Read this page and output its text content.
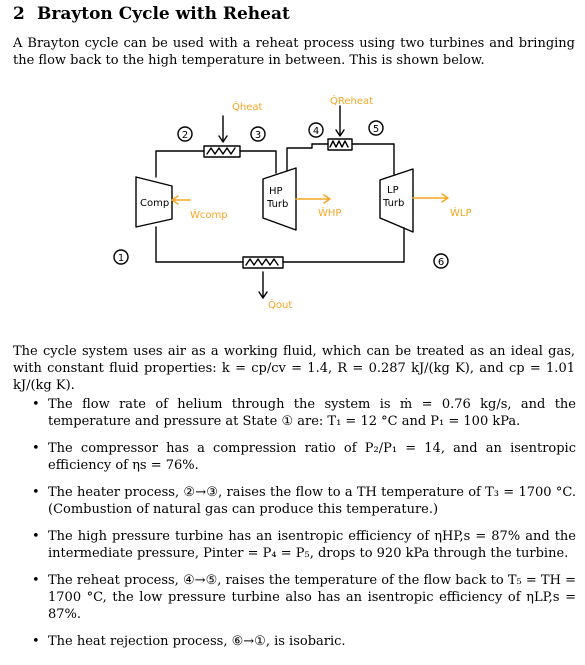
2 Brayton Cycle with Reheat
A Brayton cycle can be used with a reheat process using two turbines and bringing the flow back to the high temperature in between. This is shown below.
Q̇heat
Q̇Reheat
Q̇out
Ẇcomp	ẆHP	ẆLP
Comp
HP
Turb
LP
Turb
1
2	3	4	5
6
The cycle system uses air as a working fluid, which can be treated as an ideal gas, with constant fluid properties: k = cp/cv = 1.4, R = 0.287 kJ/(kg K), and cp = 1.01 kJ/(kg K).
• The flow rate of helium through the system is ṁ = 0.76 kg/s, and the temperature and pressure at State ① are: T₁ = 12 °C and P₁ = 100 kPa.
• The compressor has a compression ratio of P₂/P₁ = 14, and an isentropic efficiency of ηs = 76%.
• The heater process, ②→③, raises the flow to a TH temperature of T₃ = 1700 °C. (Combustion of natural gas can produce this temperature.)
• The high pressure turbine has an isentropic efficiency of ηHP,s = 87% and the intermediate pressure, Pinter = P₄ = P₅, drops to 920 kPa through the turbine.
• The reheat process, ④→⑤, raises the temperature of the flow back to T₅ = TH = 1700 °C, the low pressure turbine also has an isentropic efficiency of ηLP,s = 87%.
• The heat rejection process, ⑥→①, is isobaric.
